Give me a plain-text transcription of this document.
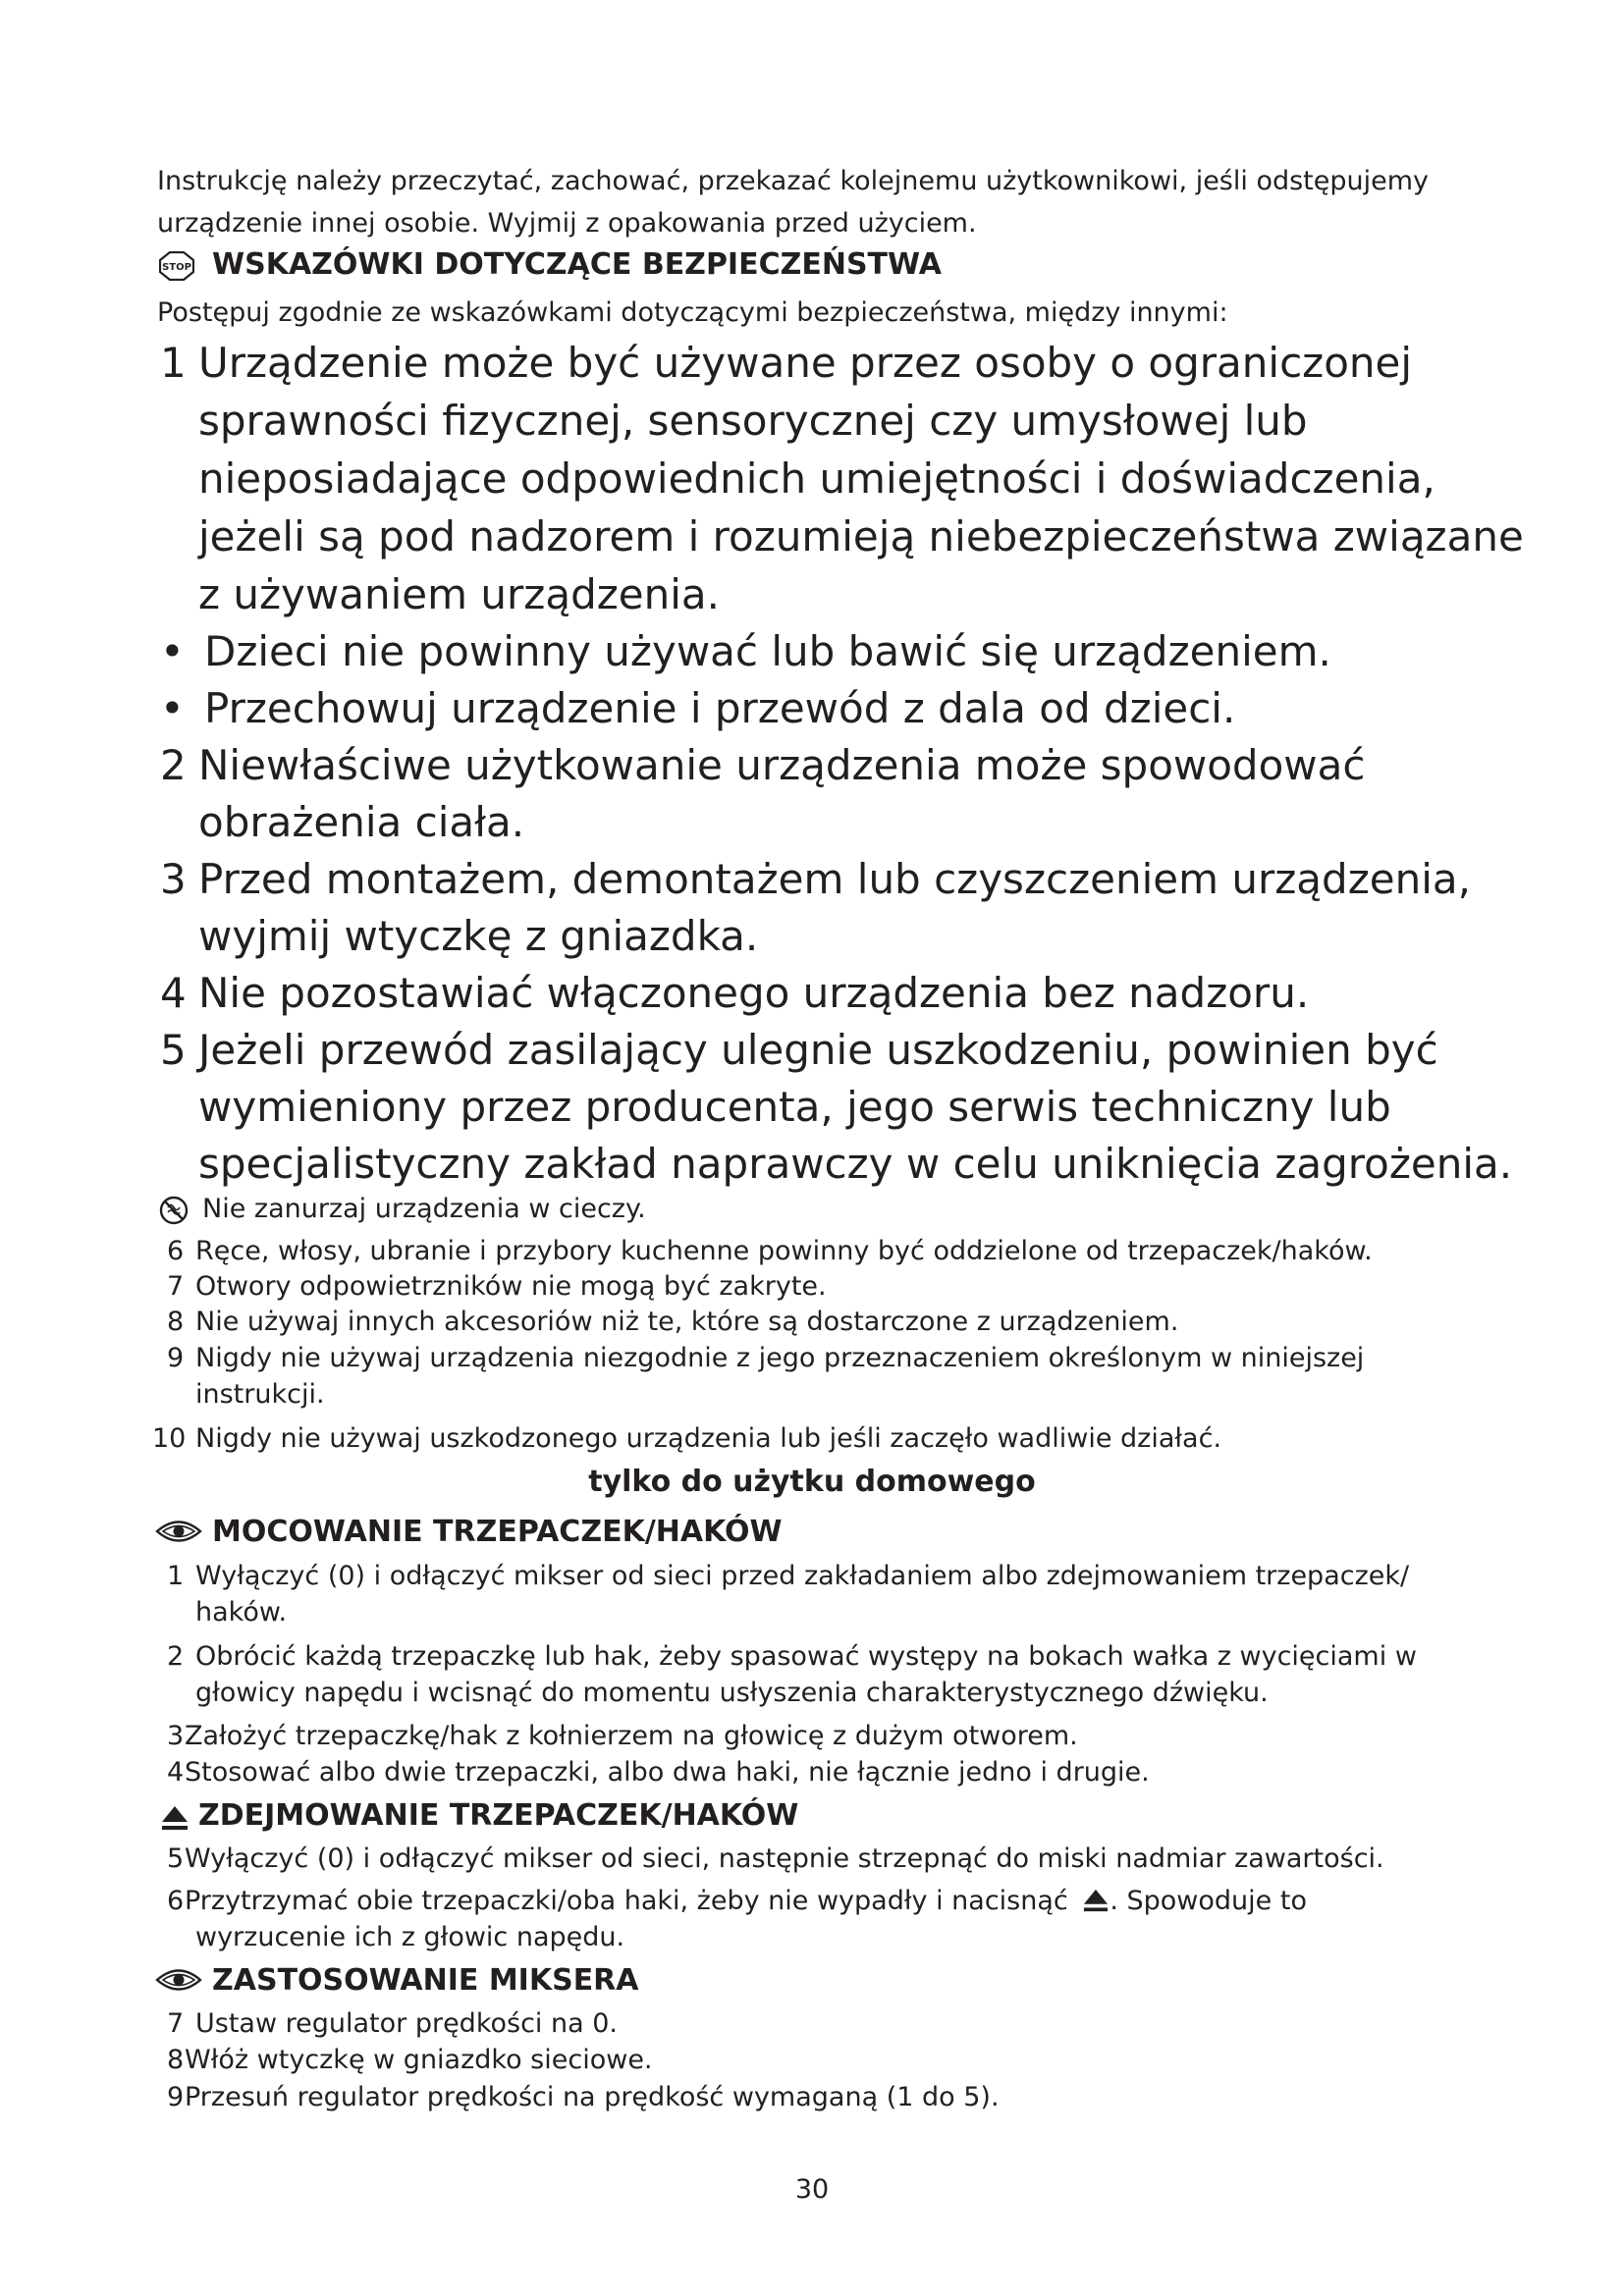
Instrukcję należy przeczytać, zachować, przekazać kolejnemu użytkownikowi, jeśli odstępujemy
urządzenie innej osobie. Wyjmij z opakowania przed użyciem.
STOP WSKAZÓWKI DOTYCZĄCE BEZPIECZEŃSTWA
Postępuj zgodnie ze wskazówkami dotyczącymi bezpieczeństwa, między innymi:
1 Urządzenie może być używane przez osoby o ograniczonej
sprawności fizycznej, sensorycznej czy umysłowej lub
nieposiadające odpowiednich umiejętności i doświadczenia,
jeżeli są pod nadzorem i rozumieją niebezpieczeństwa związane
z używaniem urządzenia.
• Dzieci nie powinny używać lub bawić się urządzeniem.
• Przechowuj urządzenie i przewód z dala od dzieci.
2 Niewłaściwe użytkowanie urządzenia może spowodować
obrażenia ciała.
3 Przed montażem, demontażem lub czyszczeniem urządzenia,
wyjmij wtyczkę z gniazdka.
4 Nie pozostawiać włączonego urządzenia bez nadzoru.
5 Jeżeli przewód zasilający ulegnie uszkodzeniu, powinien być
wymieniony przez producenta, jego serwis techniczny lub
specjalistyczny zakład naprawczy w celu uniknięcia zagrożenia.
Nie zanurzaj urządzenia w cieczy.
6 Ręce, włosy, ubranie i przybory kuchenne powinny być oddzielone od trzepaczek/haków.
7 Otwory odpowietrzników nie mogą być zakryte.
8 Nie używaj innych akcesoriów niż te, które są dostarczone z urządzeniem.
9 Nigdy nie używaj urządzenia niezgodnie z jego przeznaczeniem określonym w niniejszej
instrukcji.
10 Nigdy nie używaj uszkodzonego urządzenia lub jeśli zaczęło wadliwie działać.
tylko do użytku domowego
MOCOWANIE TRZEPACZEK/HAKÓW
1 Wyłączyć (0) i odłączyć mikser od sieci przed zakładaniem albo zdejmowaniem trzepaczek/
haków.
2 Obrócić każdą trzepaczkę lub hak, żeby spasować występy na bokach wałka z wycięciami w
głowicy napędu i wcisnąć do momentu usłyszenia charakterystycznego dźwięku.
3 Założyć trzepaczkę/hak z kołnierzem na głowicę z dużym otworem.
4 Stosować albo dwie trzepaczki, albo dwa haki, nie łącznie jedno i drugie.
ZDEJMOWANIE TRZEPACZEK/HAKÓW
5 Wyłączyć (0) i odłączyć mikser od sieci, następnie strzepnąć do miski nadmiar zawartości.
6 Przytrzymać obie trzepaczki/oba haki, żeby nie wypadły i nacisnąć . Spowoduje to
wyrzucenie ich z głowic napędu.
ZASTOSOWANIE MIKSERA
7 Ustaw regulator prędkości na 0.
8 Włóż wtyczkę w gniazdko sieciowe.
9 Przesuń regulator prędkości na prędkość wymaganą (1 do 5).
30
